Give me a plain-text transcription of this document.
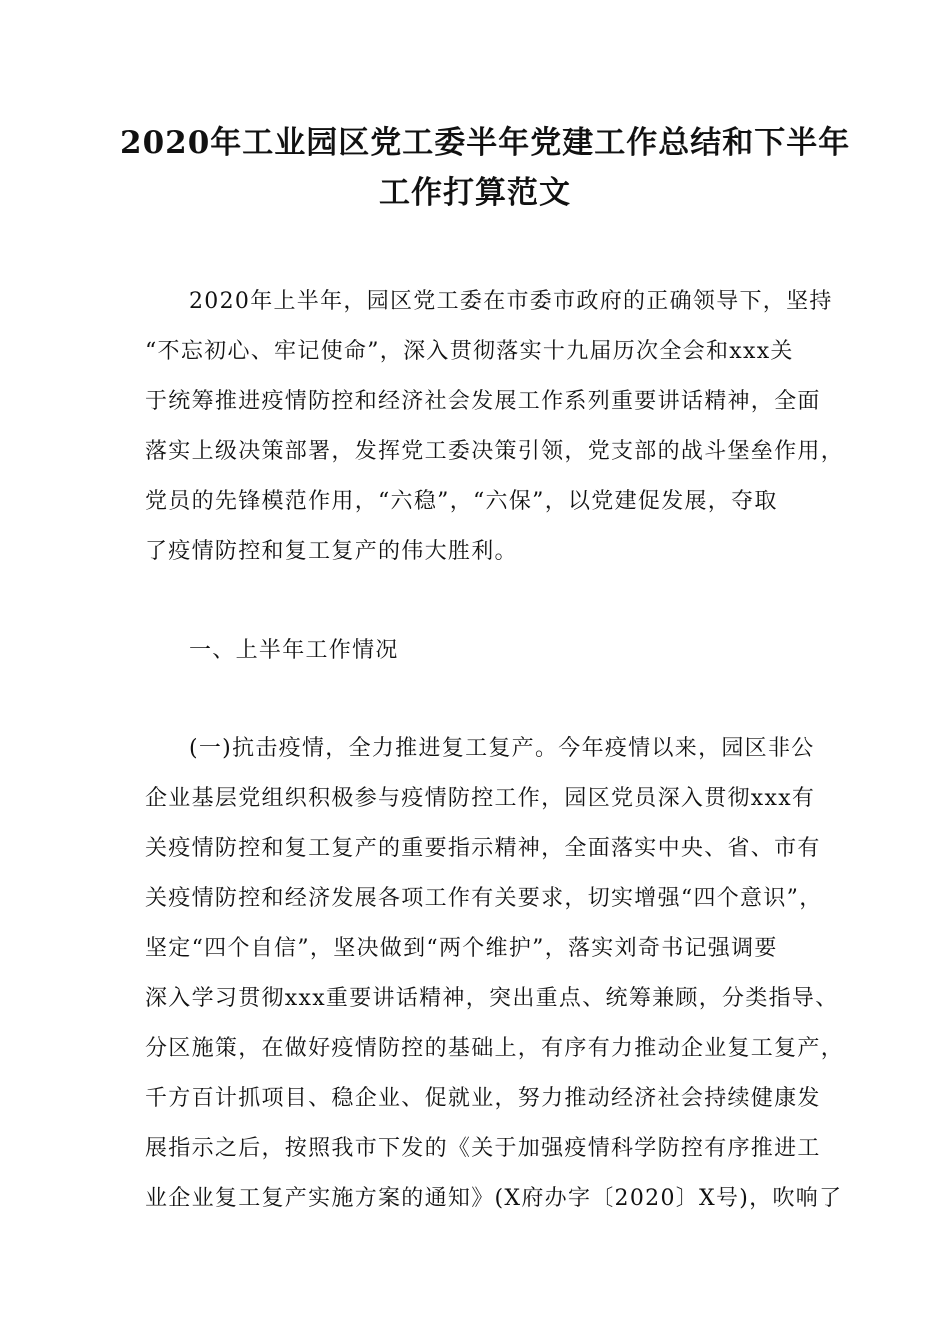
2020年工业园区党工委半年党建工作总结和下半年
工作打算范文
2020年上半年，园区党工委在市委市政府的正确领导下，坚持
“不忘初心、牢记使命”，深入贯彻落实十九届历次全会和xxx关
于统筹推进疫情防控和经济社会发展工作系列重要讲话精神，全面
落实上级决策部署，发挥党工委决策引领，党支部的战斗堡垒作用，
党员的先锋模范作用，“六稳”，“六保”，以党建促发展，夺取
了疫情防控和复工复产的伟大胜利。
一、上半年工作情况
(一)抗击疫情，全力推进复工复产。今年疫情以来，园区非公
企业基层党组织积极参与疫情防控工作，园区党员深入贯彻xxx有
关疫情防控和复工复产的重要指示精神，全面落实中央、省、市有
关疫情防控和经济发展各项工作有关要求，切实增强“四个意识”，
坚定“四个自信”，坚决做到“两个维护”，落实刘奇书记强调要
深入学习贯彻xxx重要讲话精神，突出重点、统筹兼顾，分类指导、
分区施策，在做好疫情防控的基础上，有序有力推动企业复工复产，
千方百计抓项目、稳企业、促就业，努力推动经济社会持续健康发
展指示之后，按照我市下发的《关于加强疫情科学防控有序推进工
业企业复工复产实施方案的通知》(X府办字〔2020〕X号)，吹响了
